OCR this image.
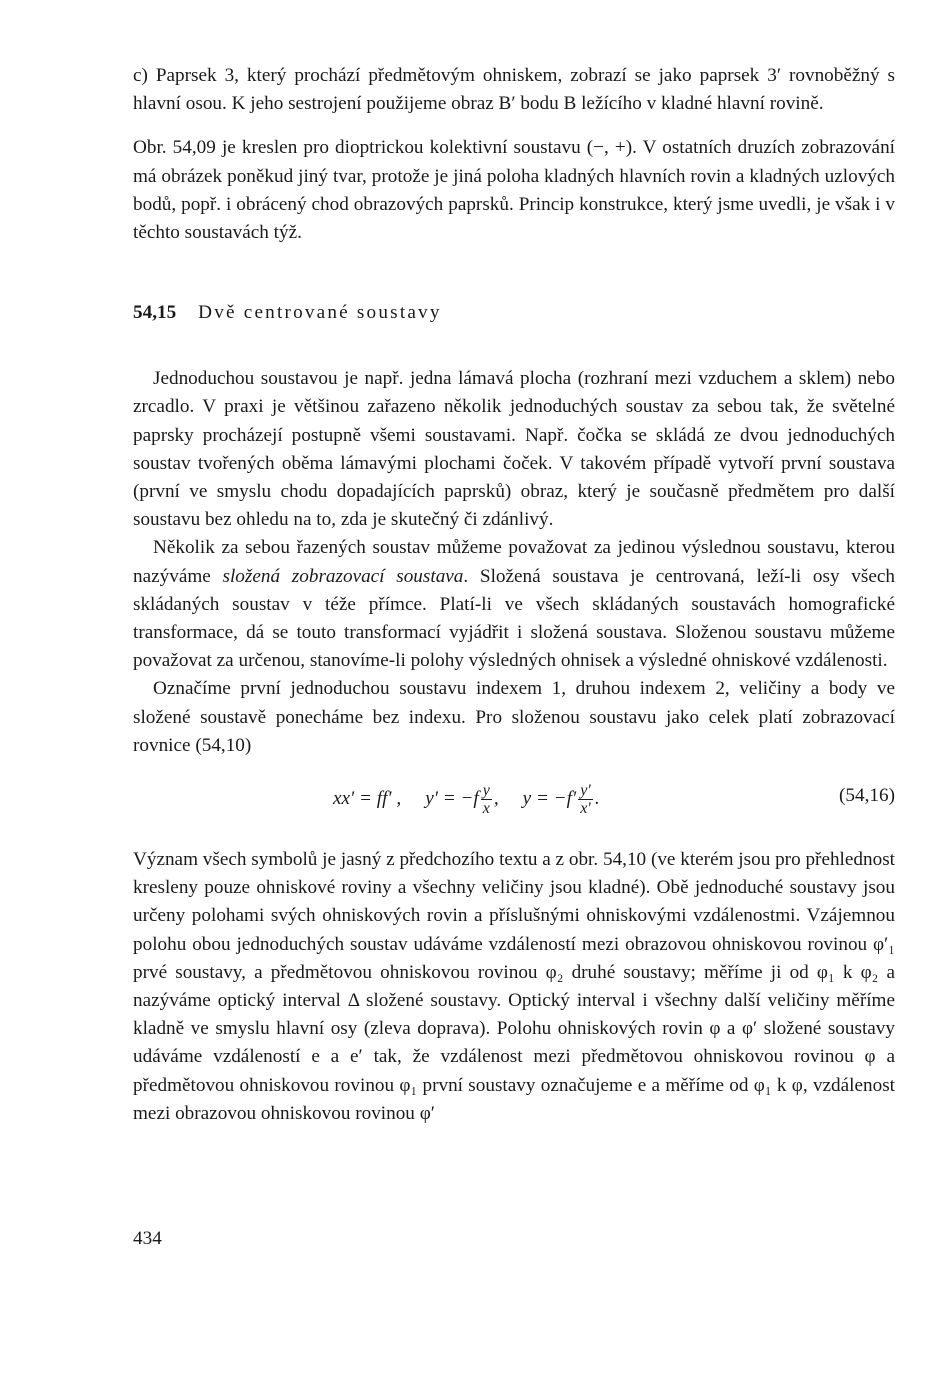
c) Paprsek 3, který prochází předmětovým ohniskem, zobrazí se jako paprsek 3′ rovnoběžný s hlavní osou. K jeho sestrojení použijeme obraz B′ bodu B ležícího v kladné hlavní rovině.

Obr. 54,09 je kreslen pro dioptrickou kolektivní soustavu (−, +). V ostatních druzích zobrazování má obrázek poněkud jiný tvar, protože je jiná poloha kladných hlavních rovin a kladných uzlových bodů, popř. i obrácený chod obrazových paprsků. Princip konstrukce, který jsme uvedli, je však i v těchto soustavách týž.

54,15 Dvě centrované soustavy

Jednoduchou soustavou je např. jedna lámavá plocha (rozhraní mezi vzduchem a sklem) nebo zrcadlo. V praxi je většinou zařazeno několik jednoduchých soustav za sebou tak, že světelné paprsky procházejí postupně všemi soustavami. Např. čočka se skládá ze dvou jednoduchých soustav tvořených oběma lámavými plochami čoček. V takovém případě vytvoří první soustava (první ve smyslu chodu dopadajících paprsků) obraz, který je současně předmětem pro další soustavu bez ohledu na to, zda je skutečný či zdánlivý.

Několik za sebou řazených soustav můžeme považovat za jedinou výslednou soustavu, kterou nazýváme složená zobrazovací soustava. Složená soustava je centrovaná, leží-li osy všech skládaných soustav v téže přímce. Platí-li ve všech skládaných soustavách homografické transformace, dá se touto transformací vyjádřit i složená soustava. Složenou soustavu můžeme považovat za určenou, stanovíme-li polohy výsledných ohnisek a výsledné ohniskové vzdálenosti.

Označíme první jednoduchou soustavu indexem 1, druhou indexem 2, veličiny a body ve složené soustavě ponecháme bez indexu. Pro složenou soustavu jako celek platí zobrazovací rovnice (54,10)

xx′ = ff′ , $y' = -f \frac{y}{x}$ ,     $y = -f' \frac{y'}{x'}$ .	(54,16)

Význam všech symbolů je jasný z předchozího textu a z obr. 54,10 (ve kterém jsou pro přehlednost kresleny pouze ohniskové roviny a všechny veličiny jsou kladné). Obě jednoduché soustavy jsou určeny polohami svých ohniskových rovin a příslušnými ohniskovými vzdálenostmi. Vzájemnou polohu obou jednoduchých soustav udáváme vzdáleností mezi obrazovou ohniskovou rovinou φ′₁ prvé soustavy, a předmětovou ohniskovou rovinou φ₂ druhé soustavy; měříme ji od φ₁ k φ₂ a nazýváme optický interval Δ složené soustavy. Optický interval i všechny další veličiny měříme kladně ve smyslu hlavní osy (zleva doprava). Polohu ohniskových rovin φ a φ′ složené soustavy udáváme vzdáleností e a e′ tak, že vzdálenost mezi předmětovou ohniskovou rovinou φ a předmětovou ohniskovou rovinou φ₁ první soustavy označujeme e a měříme od φ₁ k φ, vzdálenost mezi obrazovou ohniskovou rovinou φ′

434
